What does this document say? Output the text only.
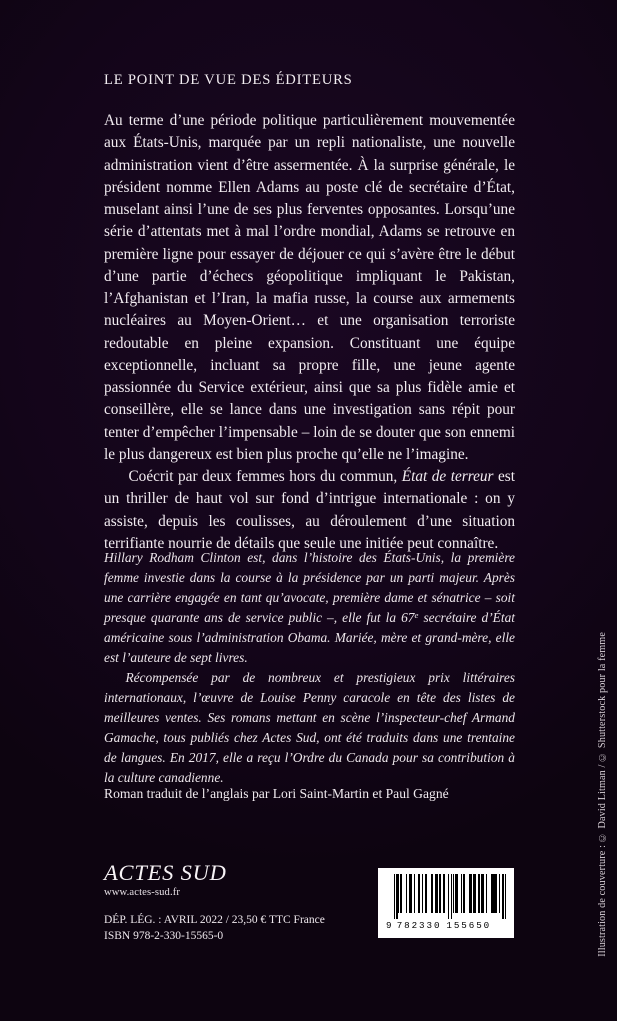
LE POINT DE VUE DES ÉDITEURS

Au terme d’une période politique particulièrement mouvementée aux États-Unis, marquée par un repli nationaliste, une nouvelle administration vient d’être assermentée. À la surprise générale, le président nomme Ellen Adams au poste clé de secrétaire d’État, muselant ainsi l’une de ses plus ferventes opposantes. Lorsqu’une série d’attentats met à mal l’ordre mondial, Adams se retrouve en première ligne pour essayer de déjouer ce qui s’avère être le début d’une partie d’échecs géopolitique impliquant le Pakistan, l’Afghanistan et l’Iran, la mafia russe, la course aux armements nucléaires au Moyen-Orient… et une organisation terroriste redoutable en pleine expansion. Constituant une équipe exceptionnelle, incluant sa propre fille, une jeune agente passionnée du Service extérieur, ainsi que sa plus fidèle amie et conseillère, elle se lance dans une investigation sans répit pour tenter d’empêcher l’impensable – loin de se douter que son ennemi le plus dangereux est bien plus proche qu’elle ne l’imagine.

Coécrit par deux femmes hors du commun, État de terreur est un thriller de haut vol sur fond d’intrigue internationale : on y assiste, depuis les coulisses, au déroulement d’une situation terrifiante nourrie de détails que seule une initiée peut connaître.

Hillary Rodham Clinton est, dans l’histoire des États-Unis, la première femme investie dans la course à la présidence par un parti majeur. Après une carrière engagée en tant qu’avocate, première dame et sénatrice – soit presque quarante ans de service public –, elle fut la 67e secrétaire d’État américaine sous l’administration Obama. Mariée, mère et grand-mère, elle est l’auteure de sept livres.

Récompensée par de nombreux et prestigieux prix littéraires internationaux, l’œuvre de Louise Penny caracole en tête des listes de meilleures ventes. Ses romans mettant en scène l’inspecteur-chef Armand Gamache, tous publiés chez Actes Sud, ont été traduits dans une trentaine de langues. En 2017, elle a reçu l’Ordre du Canada pour sa contribution à la culture canadienne.

Roman traduit de l’anglais par Lori Saint-Martin et Paul Gagné
ACTES SUD
www.actes-sud.fr
DÉP. LÉG. : AVRIL 2022 / 23,50 € TTC France
ISBN 978-2-330-15565-0
9 782330 155650	Illustration de couverture : © David Litman / © Shutterstock pour la femme
